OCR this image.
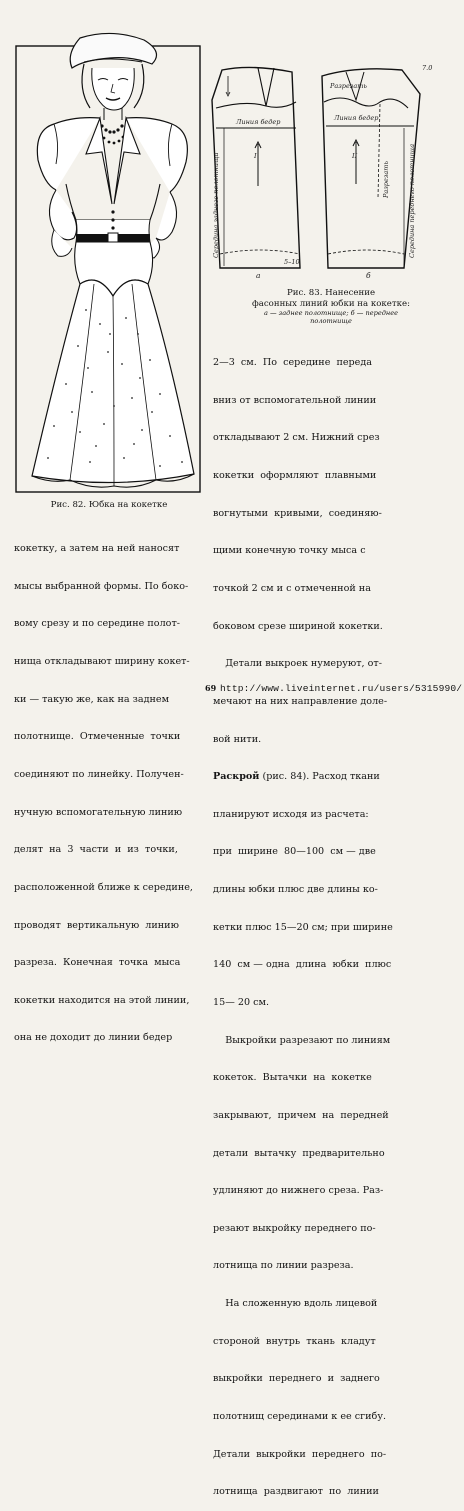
Рис. 82. Юбка на кокетке
Линия бедер
I
Середина заднего полотнища
5–10
а
Линия бедер
Разрезать
II
Разрезать	Середина переднего полотнища
7.0
б
Рис. 83. Нанесение
фасонных линий юбки на кокетке:
а — заднее полотнище; б — переднее
полотнище

2—3  см.  По  середине  переда

вниз от вспомогательной линии

откладывают 2 см. Нижний срез

кокетки  оформляют  плавными

вогнутыми  кривыми,  соединяю-

щими конечную точку мыса с

точкой 2 см и с отмеченной на

боковом срезе шириной кокетки.

Детали выкроек нумеруют, от-

мечают на них направление доле-

вой нити.

Раскрой (рис. 84). Расход ткани

планируют исходя из расчета:

при  ширине  80—100  см — две

длины юбки плюс две длины ко-

кетки плюс 15—20 см; при ширине

140  см — одна  длина  юбки  плюс

15— 20 см.

Выкройки разрезают по линиям

кокеток.  Вытачки  на  кокетке

закрывают,  причем  на  передней

детали  вытачку  предварительно

удлиняют до нижнего среза. Раз-

резают выкройку переднего по-

лотнища по линии разреза.

На сложенную вдоль лицевой

стороной  внутрь  ткань  кладут

выкройки  переднего  и  заднего

полотнищ серединами к ее сгибу.

Детали  выкройки  переднего  по-

лотнища  раздвигают  по  линии

кокетку, а затем на ней наносят

мысы выбранной формы. По боко-

вому срезу и по середине полот-

нища откладывают ширину кокет-

ки — такую же, как на заднем

полотнище.  Отмеченные  точки

соединяют по линейку. Получен-

нучную вспомогательную линию

делят  на  3  части  и  из  точки,

расположенной ближе к середине,

проводят  вертикальную  линию

разреза.  Конечная  точка  мыса

кокетки находится на этой линии,

она не доходит до линии бедер

69 http://www.liveinternet.ru/users/5315990/
